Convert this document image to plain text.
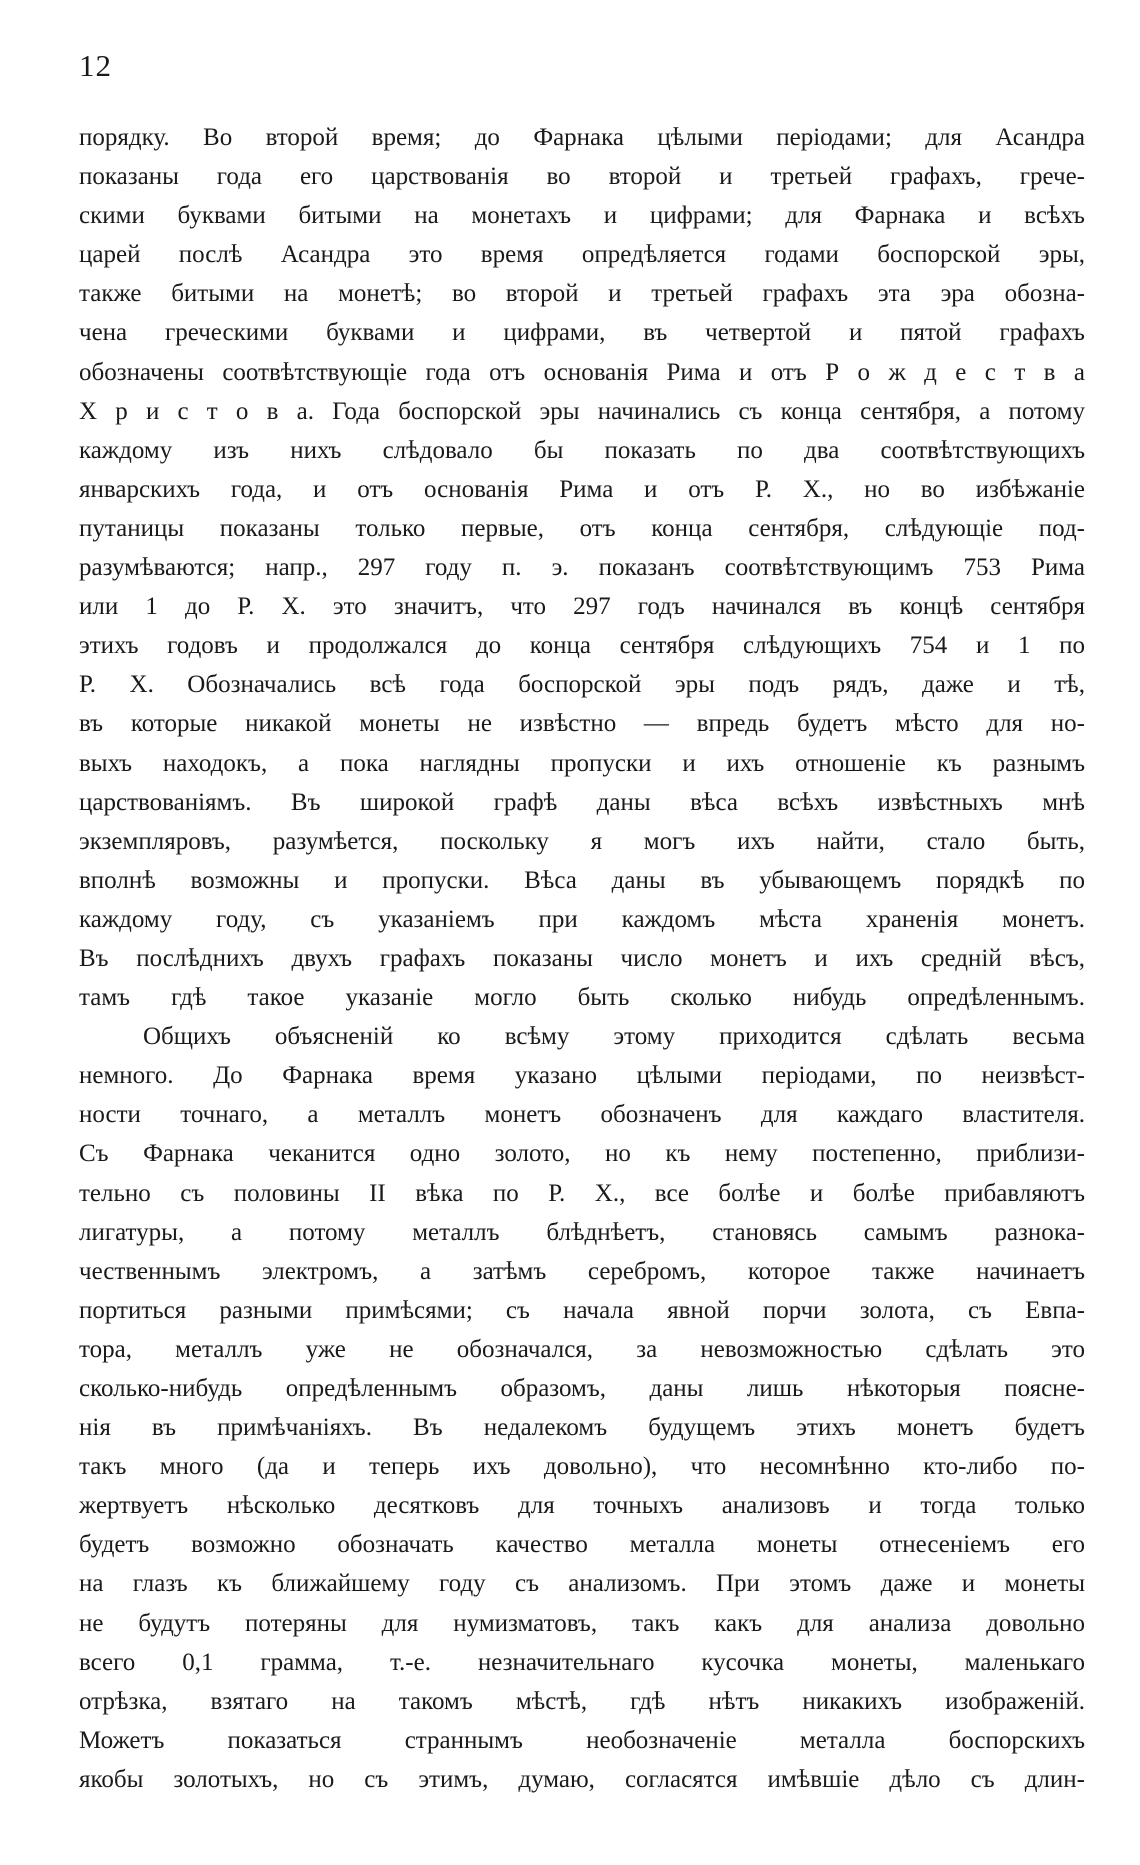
12
порядку. Во второй время; до Фарнака цѣлыми періодами; для Асандра
показаны года его царствованія во второй и третьей графахъ, грече-
скими буквами битыми на монетахъ и цифрами; для Фарнака и всѣхъ
царей послѣ Асандра это время опредѣляется годами боспорской эры,
также битыми на монетѣ; во второй и третьей графахъ эта эра обозна-
чена греческими буквами и цифрами, въ четвертой и пятой графахъ
обозначены соотвѣтствующіе года отъ основанія Рима и отъ Р о ж д е с т в а
Х р и с т о в а. Года боспорской эры начинались съ конца сентября, а потому
каждому изъ нихъ слѣдовало бы показать по два соотвѣтствующихъ
январскихъ года, и отъ основанія Рима и отъ Р. Х., но во избѣжаніе
путаницы показаны только первые, отъ конца сентября, слѣдующіе под-
разумѣваются; напр., 297 году п. э. показанъ соотвѣтствующимъ 753 Рима
или 1 до Р. Х. это значитъ, что 297 годъ начинался въ концѣ сентября
этихъ годовъ и продолжался до конца сентября слѣдующихъ 754 и 1 по
Р. Х. Обозначались всѣ года боспорской эры подъ рядъ, даже и тѣ,
въ которые никакой монеты не извѣстно — впредь будетъ мѣсто для но-
выхъ находокъ, а пока наглядны пропуски и ихъ отношеніе къ разнымъ
царствованіямъ. Въ широкой графѣ даны вѣса всѣхъ извѣстныхъ мнѣ
экземпляровъ, разумѣется, поскольку я могъ ихъ найти, стало быть,
вполнѣ возможны и пропуски. Вѣса даны въ убывающемъ порядкѣ по
каждому году, съ указаніемъ при каждомъ мѣста храненія монетъ.
Въ послѣднихъ двухъ графахъ показаны число монетъ и ихъ средній вѣсъ,
тамъ гдѣ такое указаніе могло быть сколько нибудь опредѣленнымъ.
Общихъ объясненій ко всѣму этому приходится сдѣлать весьма
немного. До Фарнака время указано цѣлыми періодами, по неизвѣст-
ности точнаго, а металлъ монетъ обозначенъ для каждаго властителя.
Съ Фарнака чеканится одно золото, но къ нему постепенно, приблизи-
тельно съ половины II вѣка по Р. Х., все болѣе и болѣе прибавляютъ
лигатуры, а потому металлъ блѣднѣетъ, становясь самымъ разнока-
чественнымъ электромъ, а затѣмъ серебромъ, которое также начинаетъ
портиться разными примѣсями; съ начала явной порчи золота, съ Евпа-
тора, металлъ уже не обозначался, за невозможностью сдѣлать это
сколько-нибудь опредѣленнымъ образомъ, даны лишь нѣкоторыя поясне-
нія въ примѣчаніяхъ. Въ недалекомъ будущемъ этихъ монетъ будетъ
такъ много (да и теперь ихъ довольно), что несомнѣнно кто-либо по-
жертвуетъ нѣсколько десятковъ для точныхъ анализовъ и тогда только
будетъ возможно обозначать качество металла монеты отнесеніемъ его
на глазъ къ ближайшему году съ анализомъ. При этомъ даже и монеты
не будутъ потеряны для нумизматовъ, такъ какъ для анализа довольно
всего 0,1 грамма, т.-е. незначительнаго кусочка монеты, маленькаго
отрѣзка, взятаго на такомъ мѣстѣ, гдѣ нѣтъ никакихъ изображеній.
Можетъ показаться страннымъ необозначеніе металла боспорскихъ
якобы золотыхъ, но съ этимъ, думаю, согласятся имѣвшіе дѣло съ длин-
